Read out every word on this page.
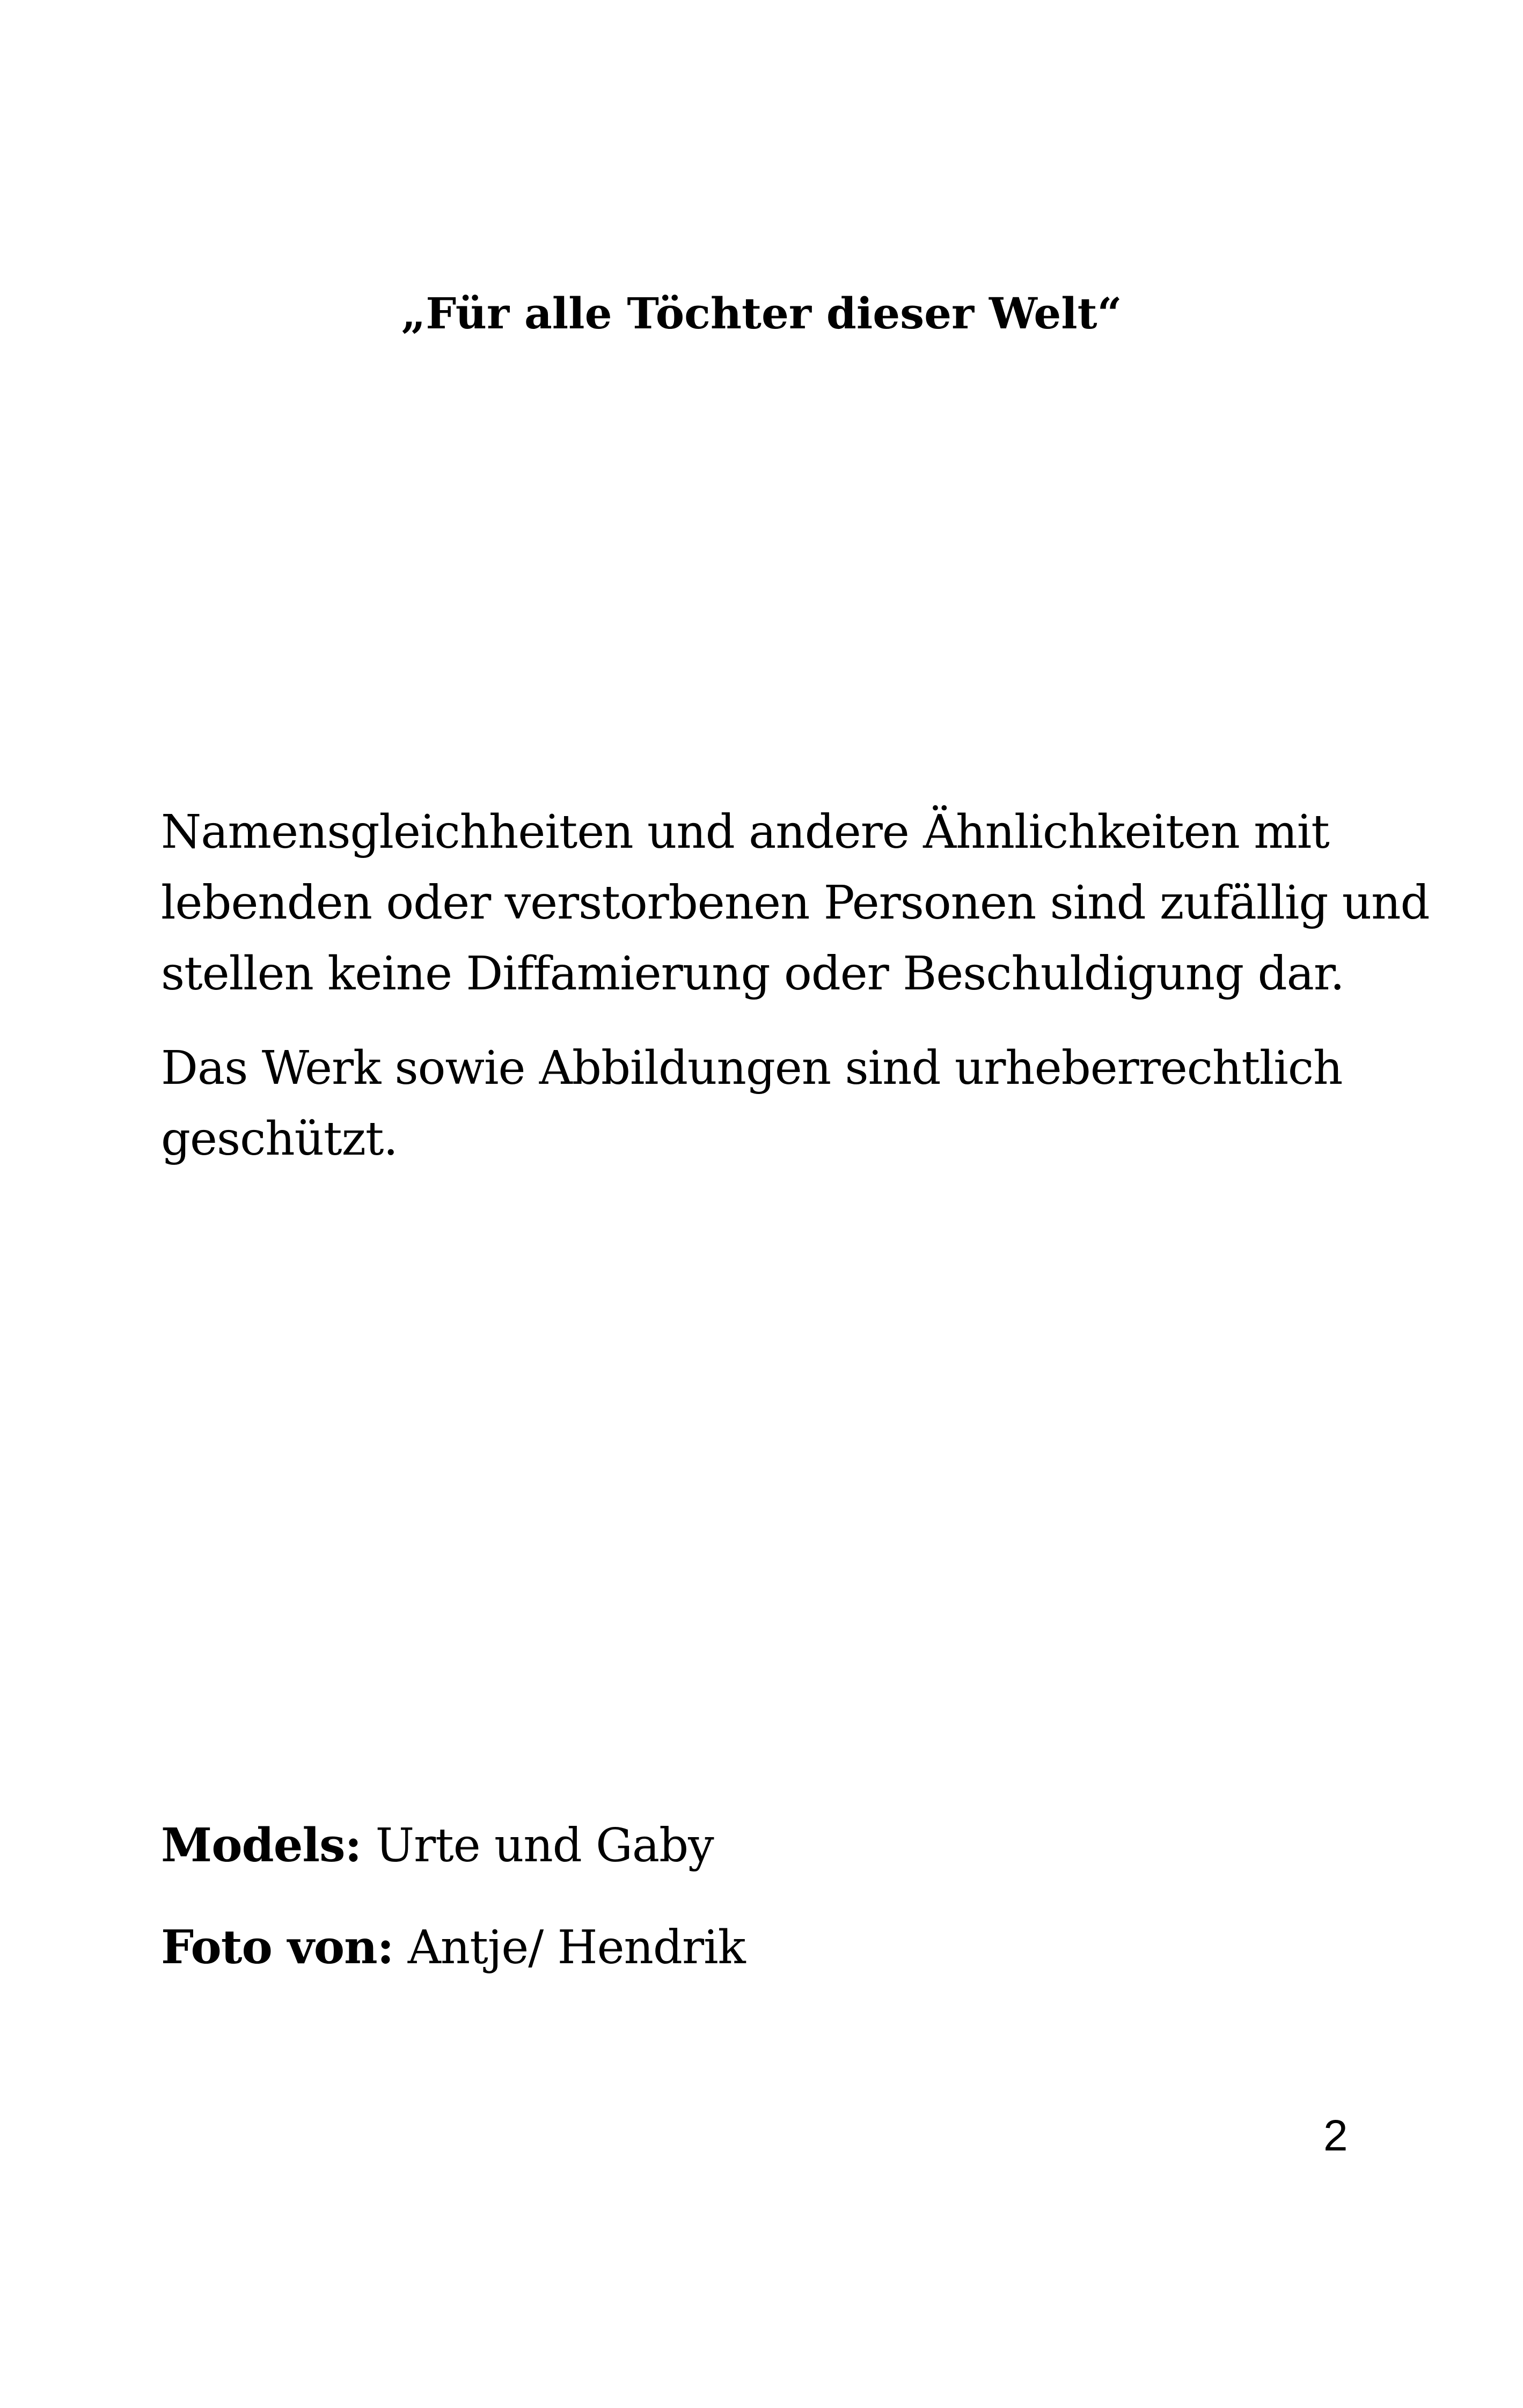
„Für alle Töchter dieser Welt“
Namensgleichheiten und andere Ähnlichkeiten mit
lebenden oder verstorbenen Personen sind zufällig und
stellen keine Diffamierung oder Beschuldigung dar.
Das Werk sowie Abbildungen sind urheberrechtlich
geschützt.
Models: Urte und Gaby
Foto von: Antje/ Hendrik
2
